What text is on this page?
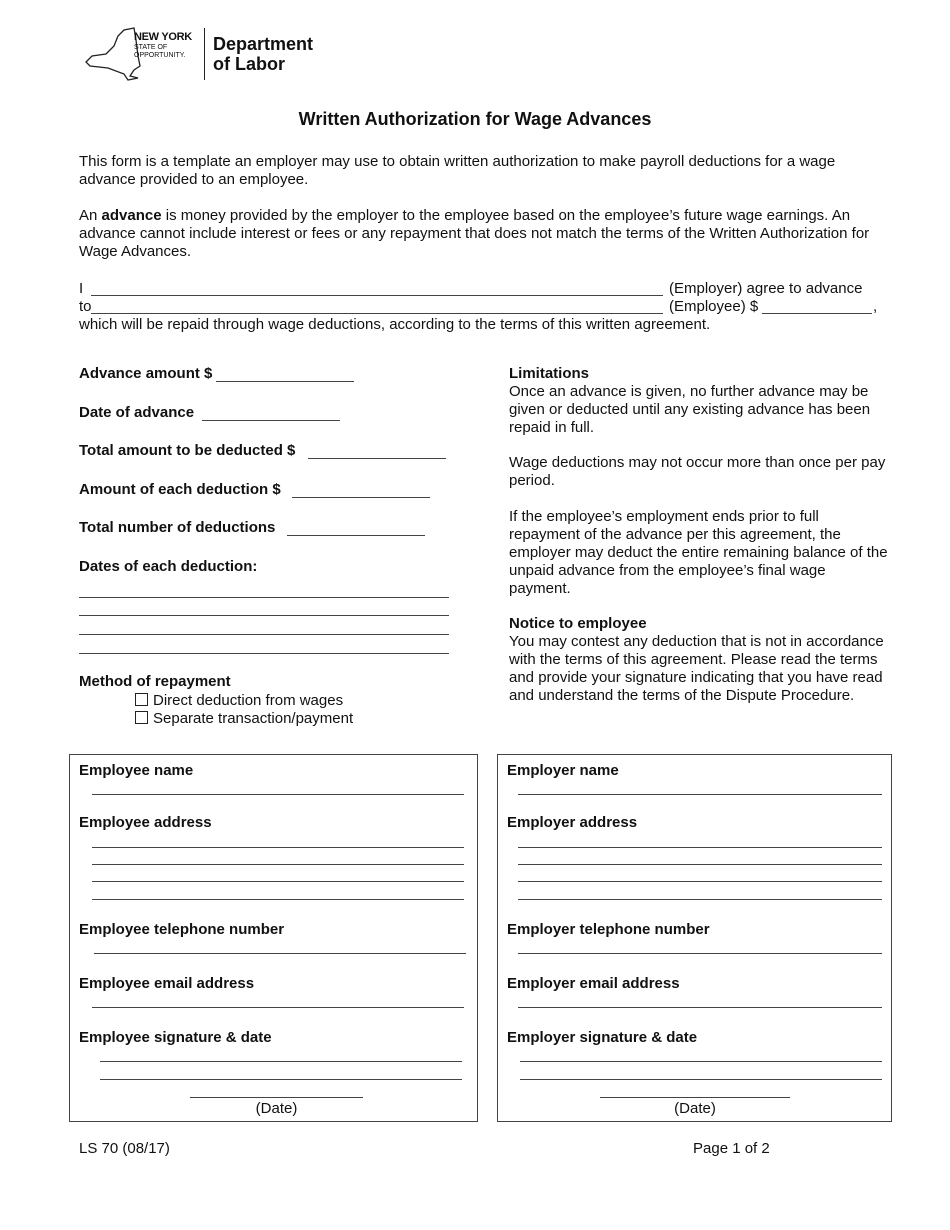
NEW YORK
STATE OF
OPPORTUNITY.
Department
of Labor
Written Authorization for Wage Advances
This form is a template an employer may use to obtain written authorization to make payroll deductions for a wage advance provided to an employee.
An advance is money provided by the employer to the employee based on the employee’s future wage earnings. An advance cannot include interest or fees or any repayment that does not match the terms of the Written Authorization for Wage Advances.
I	(Employer) agree to advance
to	(Employee) $	,
which will be repaid through wage deductions, according to the terms of this written agreement.
Advance amount $
Date of advance
Total amount to be deducted $
Amount of each deduction $
Total number of deductions
Dates of each deduction:
Method of repayment
Direct deduction from wages
Separate transaction/payment
Limitations
Once an advance is given, no further advance may be given or deducted until any existing advance has been repaid in full.
Wage deductions may not occur more than once per pay period.
If the employee’s employment ends prior to full repayment of the advance per this agreement, the employer may deduct the entire remaining balance of the unpaid advance from the employee’s final wage payment.
Notice to employee
You may contest any deduction that is not in accordance with the terms of this agreement. Please read the terms and provide your signature indicating that you have read and understand the terms of the Dispute Procedure.
Employee name
Employee address
Employee telephone number
Employee email address
Employee signature & date
(Date)
Employer name
Employer address
Employer telephone number
Employer email address
Employer signature & date
(Date)
LS 70 (08/17)	Page 1 of 2
